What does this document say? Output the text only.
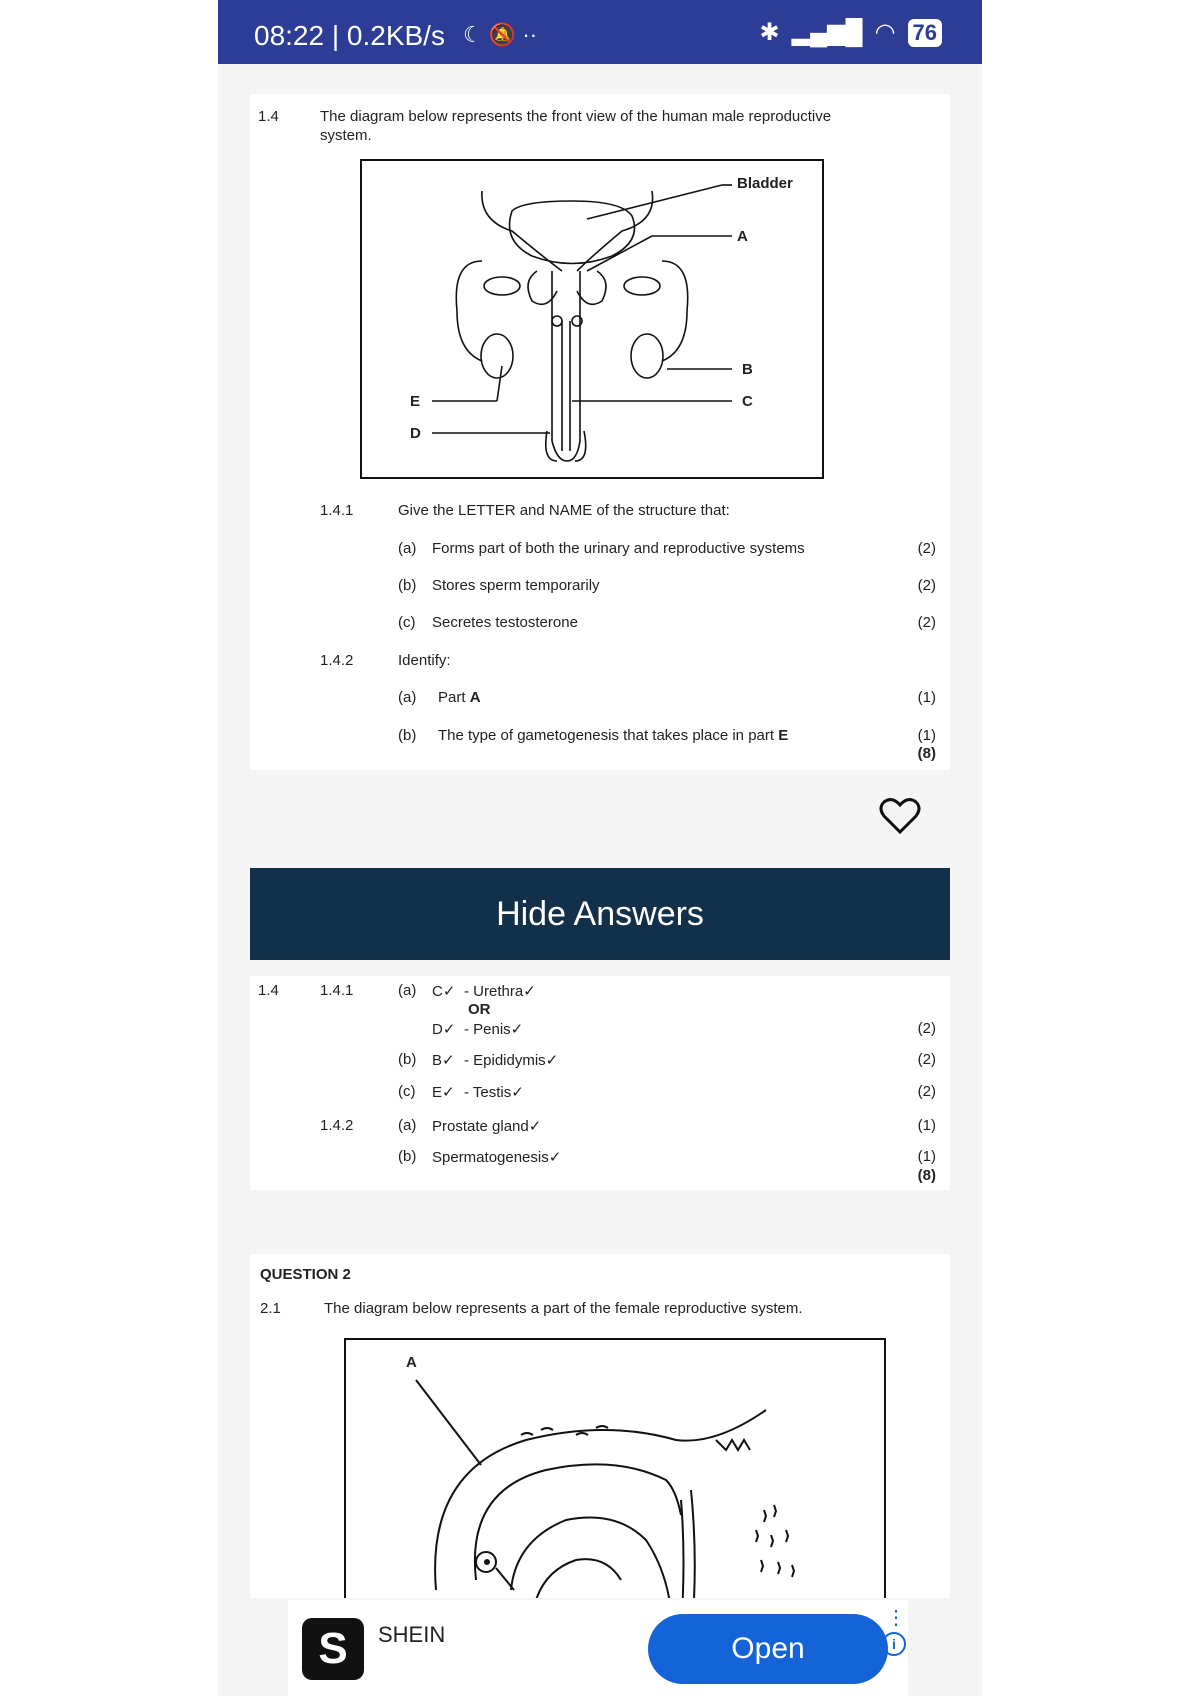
08:22 | 0.2KB/s ☾ 🔕 ··	✱ ▂▄▆█ ◠ 76
1.4	The diagram below represents the front view of the human male reproductive
system.
Bladder
A
B
C
E
D
1.4.1	Give the LETTER and NAME of the structure that:
(a) Forms part of both the urinary and reproductive systems	(2)
(b) Stores sperm temporarily	(2)
(c) Secretes testosterone	(2)
1.4.2	Identify:
(a) Part A	(1)
(b) The type of gametogenesis that takes place in part E	(1)
(8)
Hide Answers
1.4	1.4.1	(a) C✓ - Urethra✓
OR
D✓ - Penis✓	(2)
(b) B✓ - Epididymis✓	(2)
(c) E✓ - Testis✓	(2)
1.4.2	(a) Prostate gland✓	(1)
(b) Spermatogenesis✓	(1)
(8)
QUESTION 2
2.1	The diagram below represents a part of the female reproductive system.
A
S	SHEIN	Open
⋮
i
